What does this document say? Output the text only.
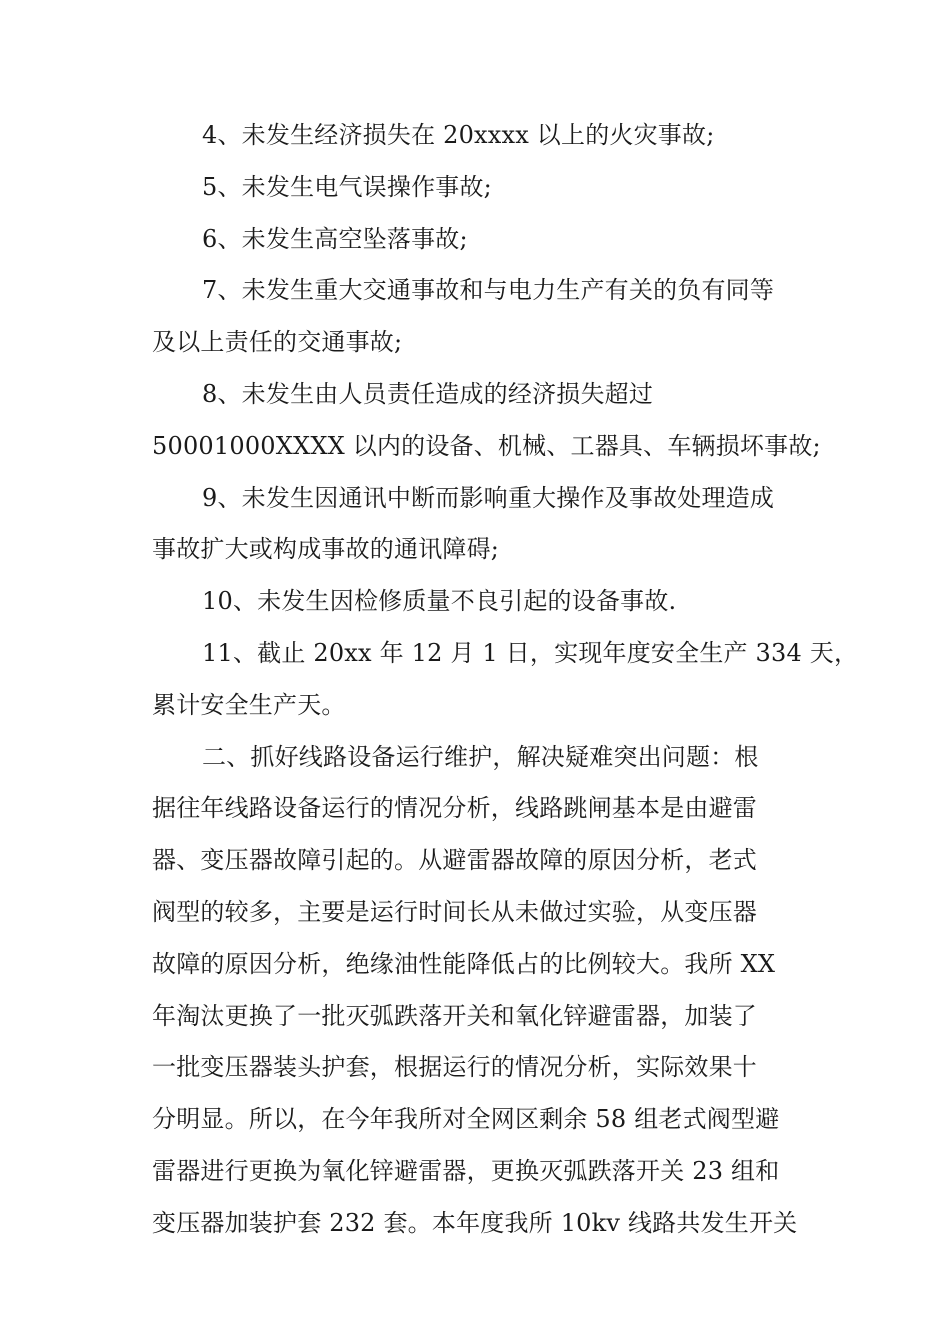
4、未发生经济损失在 20xxxx 以上的火灾事故;
5、未发生电气误操作事故;
6、未发生高空坠落事故;
7、未发生重大交通事故和与电力生产有关的负有同等
及以上责任的交通事故;
8、未发生由人员责任造成的经济损失超过
50001000XXXX 以内的设备、机械、工器具、车辆损坏事故;
9、未发生因通讯中断而影响重大操作及事故处理造成
事故扩大或构成事故的通讯障碍;
10、未发生因检修质量不良引起的设备事故.
11、截止 20xx 年 12 月 1 日，实现年度安全生产 334 天，
累计安全生产天。
二、抓好线路设备运行维护，解决疑难突出问题：根
据往年线路设备运行的情况分析，线路跳闸基本是由避雷
器、变压器故障引起的。从避雷器故障的原因分析，老式
阀型的较多，主要是运行时间长从未做过实验，从变压器
故障的原因分析，绝缘油性能降低占的比例较大。我所 XX
年淘汰更换了一批灭弧跌落开关和氧化锌避雷器，加装了
一批变压器装头护套，根据运行的情况分析，实际效果十
分明显。所以，在今年我所对全网区剩余 58 组老式阀型避
雷器进行更换为氧化锌避雷器，更换灭弧跌落开关 23 组和
变压器加装护套 232 套。本年度我所 10kv 线路共发生开关
